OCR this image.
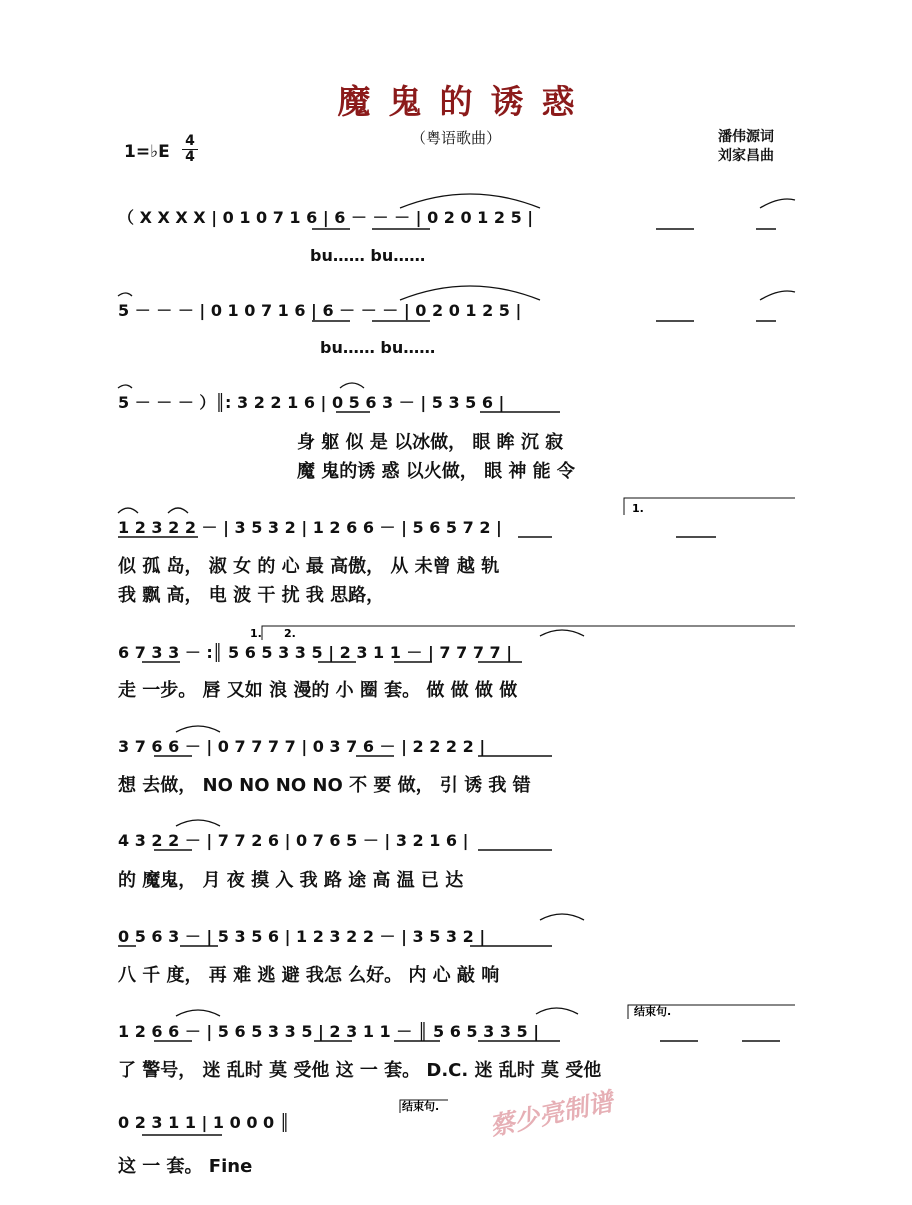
魔鬼的诱惑
（粤语歌曲）
1=♭E
4
4
潘伟源词
刘家昌曲
（ X X X X | 0 1 0 7 1 6 | 6 － － － | 0 2 0 1 2 5 |
bu…… bu……
5 － － － | 0 1 0 7 1 6 | 6 － － － | 0 2 0 1 2 5 |
bu…… bu……
5 － － － ）║: 3 2 2 1 6 | 0 5 6 3 － | 5 3 5 6 |
身 躯 似 是 以冰做， 眼 眸 沉 寂
魔 鬼的诱 惑 以火做， 眼 神 能 令
1 2 3 2 2 － | 3 5 3 2 | 1 2 6 6 － | 5 6 5 7 2 |
似 孤 岛， 淑 女 的 心 最 高傲， 从 未曾 越 轨
我 飘 高， 电 波 干 扰 我 思路，
6 7 3 3 － :║ 5 6 5 3 3 5 | 2 3 1 1 － | 7 7 7 7 |
走 一步。 唇 又如 浪 漫的 小 圈 套。 做 做 做 做
3 7 6 6 － | 0 7 7 7 7 | 0 3 7 6 － | 2 2 2 2 |
想 去做， NO NO NO NO 不 要 做， 引 诱 我 错
4 3 2 2 － | 7 7 2 6 | 0 7 6 5 － | 3 2 1 6 |
的 魔鬼， 月 夜 摸 入 我 路 途 高 温 已 达
0 5 6 3 － | 5 3 5 6 | 1 2 3 2 2 － | 3 5 3 2 |
八 千 度， 再 难 逃 避 我怎 么好。 内 心 敲 响
1 2 6 6 － | 5 6 5 3 3 5 | 2 3 1 1 － ║ 5 6 5 3 3 5 |
了 警号， 迷 乱时 莫 受他 这 一 套。 D.C. 迷 乱时 莫 受他
0 2 3 1 1 | 1 0 0 0 ║
这 一 套。 Fine
蔡少亮制谱
1.
1. 2.
结束句.
结束句.
